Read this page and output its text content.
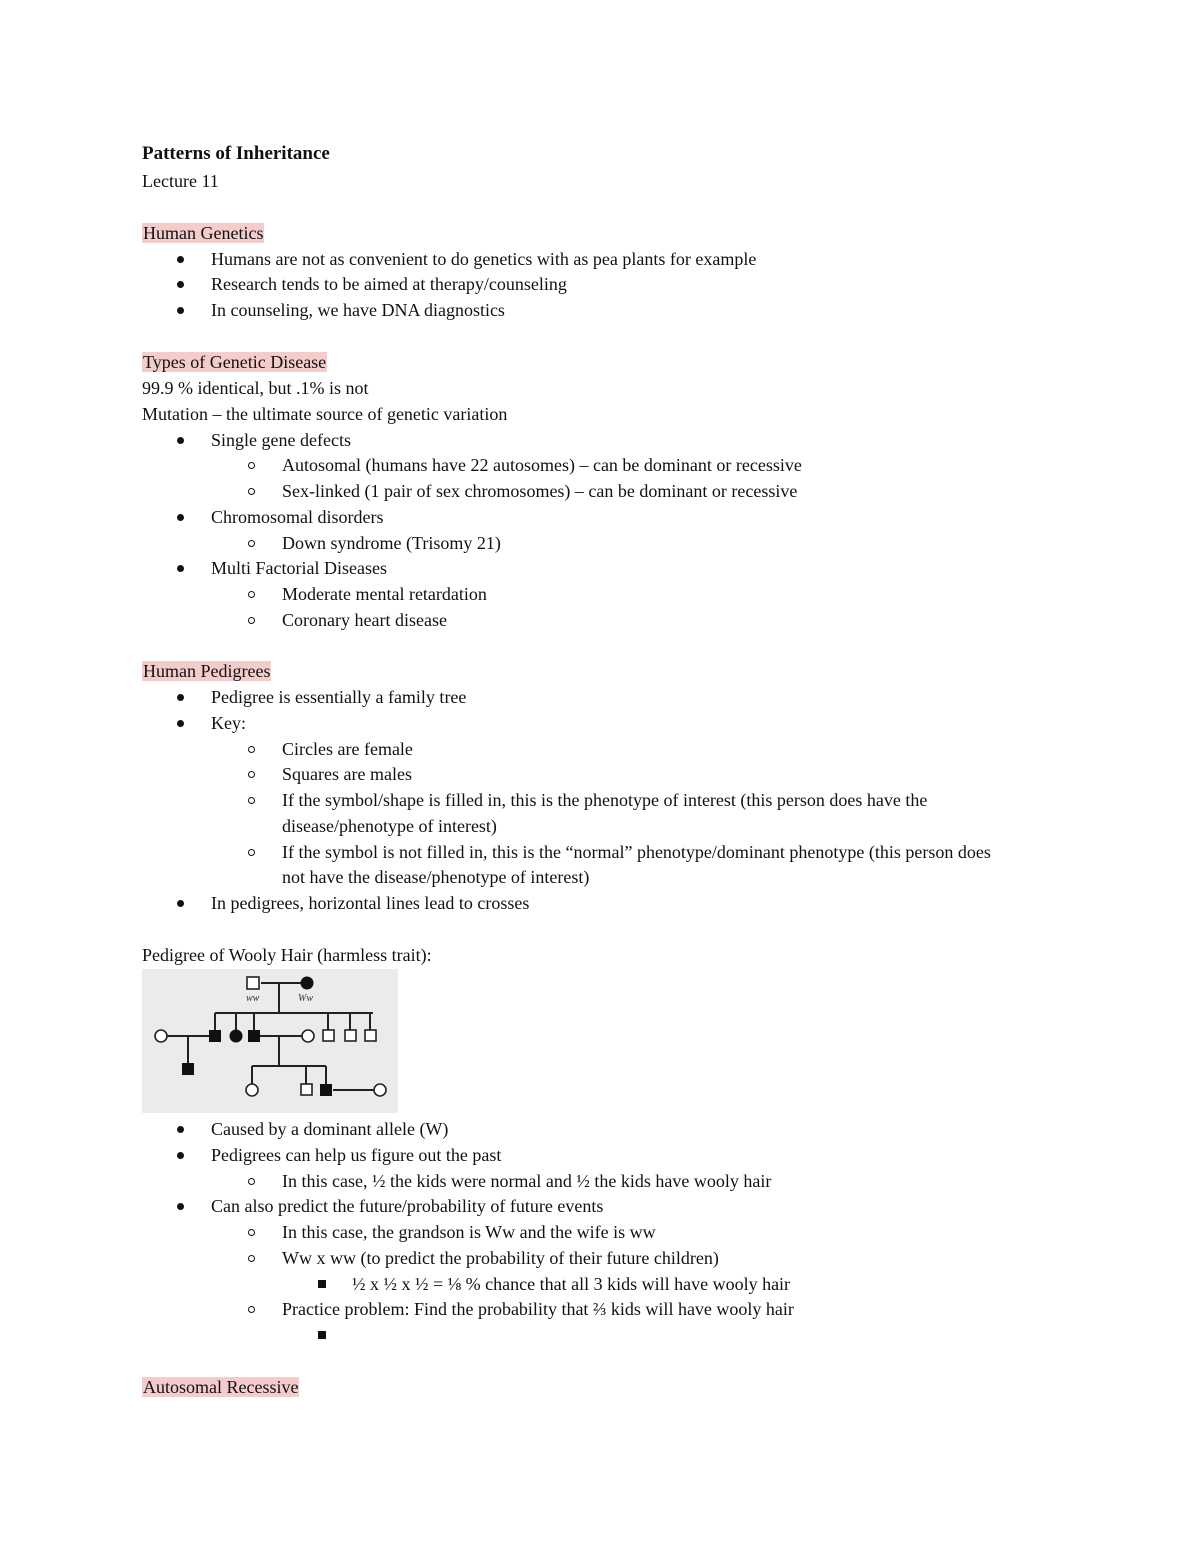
Patterns of Inheritance
Lecture 11
Human Genetics
Humans are not as convenient to do genetics with as pea plants for example
Research tends to be aimed at therapy/counseling
In counseling, we have DNA diagnostics
Types of Genetic Disease
99.9 % identical, but .1% is not
Mutation – the ultimate source of genetic variation
Single gene defects
Autosomal (humans have 22 autosomes) – can be dominant or recessive
Sex-linked (1 pair of sex chromosomes) – can be dominant or recessive
Chromosomal disorders
Down syndrome (Trisomy 21)
Multi Factorial Diseases
Moderate mental retardation
Coronary heart disease
Human Pedigrees
Pedigree is essentially a family tree
Key:
Circles are female
Squares are males
If the symbol/shape is filled in, this is the phenotype of interest (this person does have the
disease/phenotype of interest)
If the symbol is not filled in, this is the “normal” phenotype/dominant phenotype (this person does
not have the disease/phenotype of interest)
In pedigrees, horizontal lines lead to crosses
Pedigree of Wooly Hair (harmless trait):
ww	Ww
Caused by a dominant allele (W)
Pedigrees can help us figure out the past
In this case, ½ the kids were normal and ½ the kids have wooly hair
Can also predict the future/probability of future events
In this case, the grandson is Ww and the wife is ww
Ww x ww (to predict the probability of their future children)
½ x ½ x ½ = ⅛ % chance that all 3 kids will have wooly hair
Practice problem: Find the probability that ⅔ kids will have wooly hair
Autosomal Recessive
